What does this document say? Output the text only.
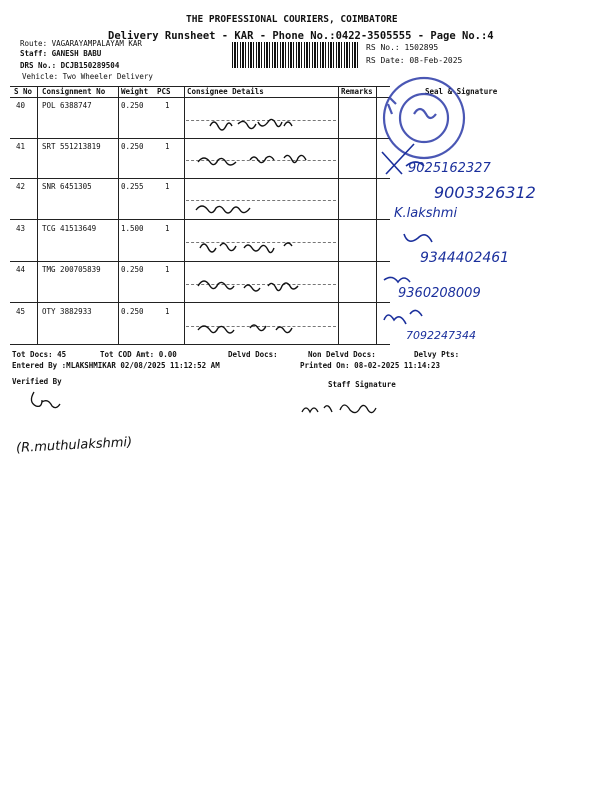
THE PROFESSIONAL COURIERS, COIMBATORE
Delivery Runsheet - KAR - Phone No.:0422-3505555 - Page No.:4
Route: VAGARAYAMPALAYAM KAR
Staff: GANESH BABU
DRS No.: DCJB150289504
Vehicle: Two Wheeler Delivery
RS No.: 1502895
RS Date: 08-Feb-2025
S No Consignment No Weight PCS Consignee Details	Remarks	Seal & Signature
40 POL 6388747	0.250	1
41 SRT 551213819	0.250	1
42 SNR 6451305	0.255	1
43 TCG 41513649	1.500	1
44 TMG 200705839	0.250	1
45 OTY 3882933	0.250	1
9025162327
9003326312
K.lakshmi
9344402461
9360208009
7092247344
Tot Docs: 45	Tot COD Amt: 0.00	Delvd Docs:	Non Delvd Docs:	Delvy Pts:
Entered By :MLAKSHMIKAR 02/08/2025 11:12:52 AM	Printed On: 08-02-2025 11:14:23
Verified By	Staff Signature
(R.muthulakshmi)
